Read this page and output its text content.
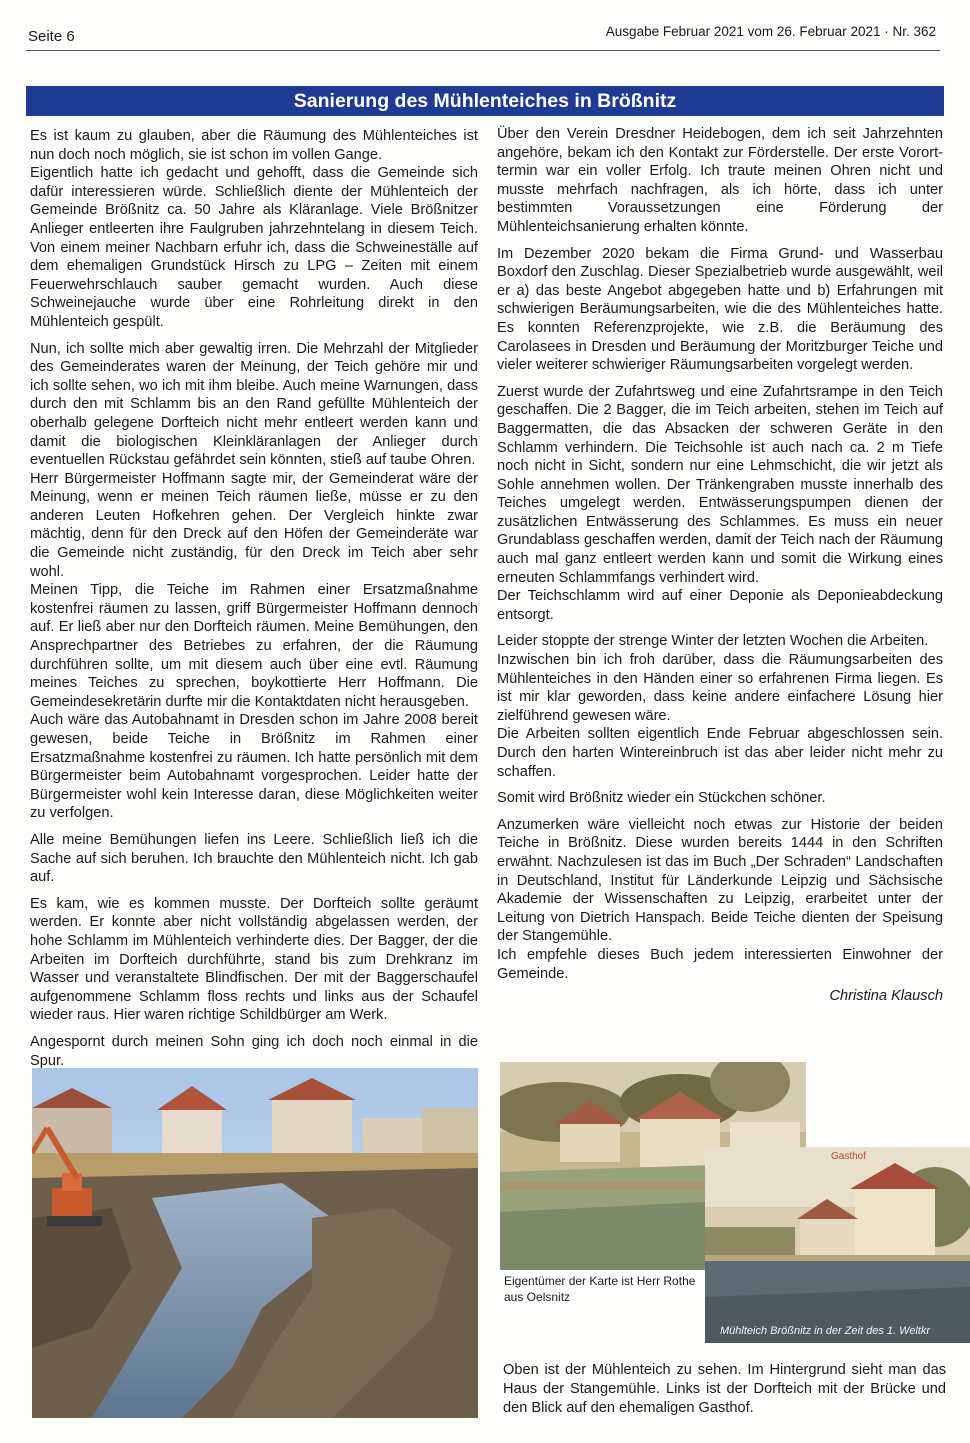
Seite 6	Ausgabe Februar 2021 vom 26. Februar 2021 · Nr. 362
Sanierung des Mühlenteiches in Brößnitz

Es ist kaum zu glauben, aber die Räumung des Mühlenteiches ist nun doch noch möglich, sie ist schon im vollen Gange.

Eigentlich hatte ich gedacht und gehofft, dass die Gemeinde sich dafür interessieren würde. Schließlich diente der Mühlenteich der Gemeinde Brößnitz ca. 50 Jahre als Kläranlage. Viele Brößnitzer Anlieger entleerten ihre Faulgruben jahrzehntelang in diesem Teich. Von einem meiner Nachbarn erfuhr ich, dass die Schweineställe auf dem ehemaligen Grundstück Hirsch zu LPG – Zeiten mit einem Feuerwehrschlauch sauber gemacht wurden. Auch diese Schweinejauche wurde über eine Rohrleitung direkt in den Mühlenteich gespült.

Nun, ich sollte mich aber gewaltig irren. Die Mehrzahl der Mitglieder des Gemeinderates waren der Meinung, der Teich gehöre mir und ich sollte sehen, wo ich mit ihm bleibe. Auch meine Warnungen, dass durch den mit Schlamm bis an den Rand gefüllte Mühlenteich der oberhalb gelegene Dorfteich nicht mehr entleert werden kann und damit die biologischen Kleinkläranlagen der Anlieger durch eventuellen Rückstau gefährdet sein könnten, stieß auf taube Ohren.

Herr Bürgermeister Hoffmann sagte mir, der Gemeinderat wäre der Meinung, wenn er meinen Teich räumen ließe, müsse er zu den anderen Leuten Hofkehren gehen. Der Vergleich hinkte zwar mächtig, denn für den Dreck auf den Höfen der Gemeinderäte war die Gemeinde nicht zuständig, für den Dreck im Teich aber sehr wohl.

Meinen Tipp, die Teiche im Rahmen einer Ersatzmaßnahme kostenfrei räumen zu lassen, griff Bürgermeister Hoffmann dennoch auf. Er ließ aber nur den Dorfteich räumen. Meine Bemühungen, den Ansprechpartner des Betriebes zu erfahren, der die Räumung durchführen sollte, um mit diesem auch über eine evtl. Räumung meines Teiches zu sprechen, boykottierte Herr Hoffmann. Die Gemeindesekretärin durfte mir die Kontaktdaten nicht herausgeben.

Auch wäre das Autobahnamt in Dresden schon im Jahre 2008 bereit gewesen, beide Teiche in Brößnitz im Rahmen einer Ersatzmaßnahme kostenfrei zu räumen. Ich hatte persönlich mit dem Bürgermeister beim Autobahnamt vorgesprochen. Leider hatte der Bürgermeister wohl kein Interesse daran, diese Möglichkeiten weiter zu verfolgen.

Alle meine Bemühungen liefen ins Leere. Schließlich ließ ich die Sache auf sich beruhen. Ich brauchte den Mühlenteich nicht. Ich gab auf.

Es kam, wie es kommen musste. Der Dorfteich sollte geräumt werden. Er konnte aber nicht vollständig abgelassen werden, der hohe Schlamm im Mühlenteich verhinderte dies. Der Bagger, der die Arbeiten im Dorfteich durchführte, stand bis zum Drehkranz im Wasser und veranstaltete Blindfischen. Der mit der Baggerschaufel aufgenommene Schlamm floss rechts und links aus der Schaufel wieder raus. Hier waren richtige Schildbürger am Werk.

Angespornt durch meinen Sohn ging ich doch noch einmal in die Spur.

Über den Verein Dresdner Heidebogen, dem ich seit Jahrzehnten angehöre, bekam ich den Kontakt zur Förderstelle. Der erste Vororttermin war ein voller Erfolg. Ich traute meinen Ohren nicht und musste mehrfach nachfragen, als ich hörte, dass ich unter bestimmten Voraussetzungen eine Förderung der Mühlenteichsanierung erhalten könnte.

Im Dezember 2020 bekam die Firma Grund- und Wasserbau Boxdorf den Zuschlag. Dieser Spezialbetrieb wurde ausgewählt, weil er a) das beste Angebot abgegeben hatte und b) Erfahrungen mit schwierigen Beräumungsarbeiten, wie die des Mühlenteiches hatte. Es konnten Referenzprojekte, wie z.B. die Beräumung des Carolasees in Dresden und Beräumung der Moritzburger Teiche und vieler weiterer schwieriger Räumungsarbeiten vorgelegt werden.

Zuerst wurde der Zufahrtsweg und eine Zufahrtsrampe in den Teich geschaffen. Die 2 Bagger, die im Teich arbeiten, stehen im Teich auf Baggermatten, die das Absacken der schweren Geräte in den Schlamm verhindern. Die Teichsohle ist auch nach ca. 2 m Tiefe noch nicht in Sicht, sondern nur eine Lehmschicht, die wir jetzt als Sohle annehmen wollen. Der Tränkengraben musste innerhalb des Teiches umgelegt werden. Entwässerungspumpen dienen der zusätzlichen Entwässerung des Schlammes. Es muss ein neuer Grundablass geschaffen werden, damit der Teich nach der Räumung auch mal ganz entleert werden kann und somit die Wirkung eines erneuten Schlammfangs verhindert wird.

Der Teichschlamm wird auf einer Deponie als Deponieabdeckung entsorgt.

Leider stoppte der strenge Winter der letzten Wochen die Arbeiten.

Inzwischen bin ich froh darüber, dass die Räumungsarbeiten des Mühlenteiches in den Händen einer so erfahrenen Firma liegen. Es ist mir klar geworden, dass keine andere einfachere Lösung hier zielführend gewesen wäre.

Die Arbeiten sollten eigentlich Ende Februar abgeschlossen sein. Durch den harten Wintereinbruch ist das aber leider nicht mehr zu schaffen.

Somit wird Brößnitz wieder ein Stückchen schöner.

Anzumerken wäre vielleicht noch etwas zur Historie der beiden Teiche in Brößnitz. Diese wurden bereits 1444 in den Schriften erwähnt. Nachzulesen ist das im Buch „Der Schraden“ Landschaften in Deutschland, Institut für Länderkunde Leipzig und Sächsische Akademie der Wissenschaften zu Leipzig, erarbeitet unter der Leitung von Dietrich Hanspach. Beide Teiche dienten der Speisung der Stangemühle.

Ich empfehle dieses Buch jedem interessierten Einwohner der Gemeinde.

Christina Klausch
Gasthof
Mühlteich Brößnitz in der Zeit des 1. Weltkr
Eigentümer der Karte ist Herr Rothe aus Oelsnitz
Oben ist der Mühlenteich zu sehen. Im Hintergrund sieht man das Haus der Stangemühle. Links ist der Dorfteich mit der Brücke und den Blick auf den ehemaligen Gasthof.
